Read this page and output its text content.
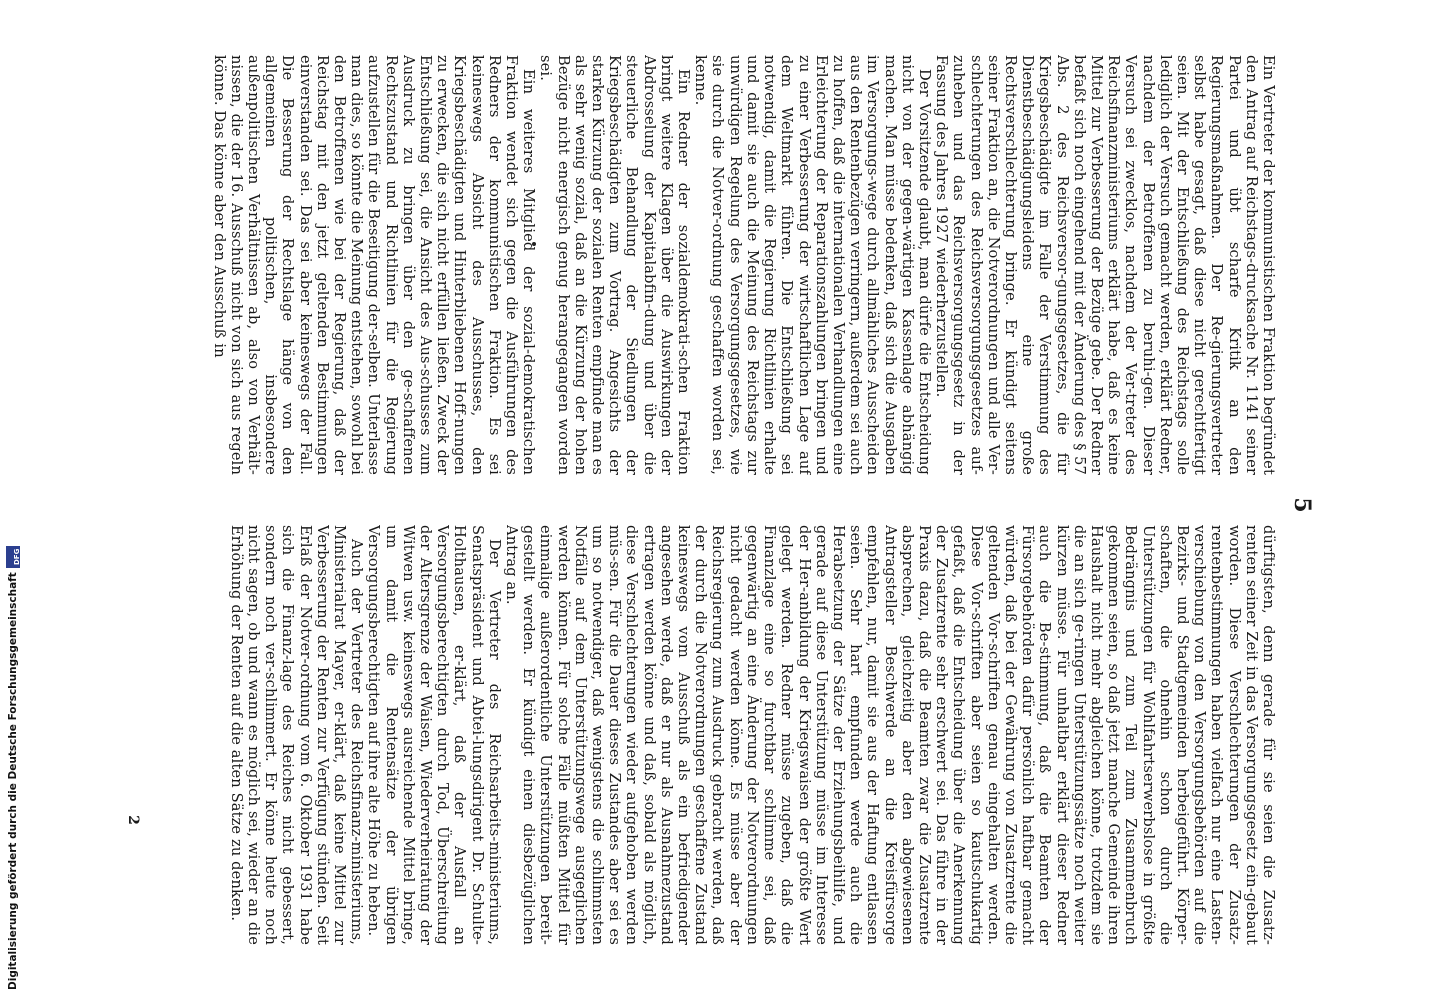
5

Ein Vertreter der kommunistischen Fraktion begründet den Antrag auf Reichstags-drucksache Nr. 1141 seiner Partei und übt scharfe Kritik an den Regierungsmaßnahmen. Der Re-gierungsvertreter selbst habe gesagt, daß diese nicht gerechtfertigt seien. Mit der Entschließung des Reichstags solle lediglich der Versuch gemacht werden, erklärt Redner, nachdem der Betroffenen zu beruhi-gen. Dieser Versuch sei zwecklos, nachdem der Ver-treter des Reichsfinanzministeriums erklärt habe, daß es keine Mittel zur Verbesserung der Bezüge gebe. Der Redner befaßt sich noch eingehend mit der Änderung des § 57 Abs. 2 des Reichsversor-gungsgesetzes, die für Kriegsbeschädigte im Falle der Verstimmung des Dienstbeschädigungsleidens eine große Rechtsverschlechterung bringe. Er kündigt seitens seiner Fraktion an, die Notverordnungen und alle Ver-schlechterungen des Reichsversorgungsgesetzes auf-zuheben und das Reichsversorgungsgesetz in der Fassung des Jahres 1927 wiederherzustellen.

Der Vorsitzende glaubt, man dürfe die Entscheidung nicht von der gegen-wärtigen Kassenlage abhängig machen. Man müsse bedenken, daß sich die Ausgaben im Versorgungs-wege durch allmähliches Ausscheiden aus den Rentenbezügen verringern, außerdem sei auch zu hoffen, daß die internationalen Verhandlungen eine Erleichterung der Reparationszahlungen bringen und zu einer Verbesserung der wirtschaftlichen Lage auf dem Weltmarkt führen. Die Entschließung sei notwendig, damit die Regierung Richtlinien erhalte und damit sie auch die Meinung des Reichstags zur unwürdigen Regelung des Versorgungsgesetzes, wie sie durch die Notver-ordnung geschaffen worden sei, kenne.

Ein Redner der sozialdemokrati-schen Fraktion bringt weitere Klagen über die Auswirkungen der Abdrosselung der Kapitalabfin-dung und über die steuerliche Behandlung der Siedlungen der Kriegsbeschädigten zum Vortrag. Angesichts der starken Kürzung der sozialen Renten empfinde man es als sehr wenig sozial, daß an die Kürzung der hohen Bezüge nicht energisch genug herangegangen worden sei.

Ein weiteres Mitglied der sozial-demokratischen Fraktion wendet sich gegen die Ausführungen des Redners der kommunistischen Fraktion. Es sei keineswegs Absicht des Ausschusses, den Kriegsbeschädigten und Hinterbliebenen Hoff-nungen zu erwecken, die sich nicht erfüllen ließen. Zweck der Entschließung sei, die Ansicht des Aus-schusses zum Ausdruck zu bringen über den ge-schaffenen Rechtszustand und Richtlinien für die Regierung aufzustellen für die Beseitigung der-selben. Unterlasse man dies, so könnte die Meinung entstehen, sowohl bei den Betroffenen wie bei der Regierung, daß der Reichstag mit den jetzt geltenden Bestimmungen einverstanden sei. Das sei aber keineswegs der Fall. Die Besserung der Rechtslage hänge von den allgemeinen politischen, insbesondere außenpolitischen Verhältnissen ab, also von Verhält-nissen, die der 16. Ausschuß nicht von sich aus regeln könne. Das könne aber den Ausschuß in

dürftigsten, denn gerade für sie seien die Zusatz-renten seiner Zeit in das Versorgungsgesetz ein-gebaut worden. Diese Verschlechterungen der Zusatz-rentenbestimmungen haben vielfach nur eine Lasten-verschiebung von den Versorgungsbehörden auf die Bezirks- und Stadtgemeinden herbeigeführt. Körper-schaften, die ohnehin schon durch die Unterstützungen für Wohlfahrtserwerbslose in größte Bedrängnis und zum Teil zum Zusammenbruch gekommen seien, so daß jetzt manche Gemeinde ihren Haushalt nicht mehr abgleichen könne, trotzdem sie die an sich ge-ringen Unterstützungssätze noch weiter kürzen müsse. Für unhaltbar erklärt dieser Redner auch die Be-stimmung, daß die Beamten der Fürsorgebehörden dafür persönlich haftbar gemacht würden, daß bei der Gewährung von Zusatzrente die geltenden Vor-schriften genau eingehalten werden. Diese Vor-schriften aber seien so kautschukartig gefaßt, daß die Entscheidung über die Anerkennung der Zusatzrente sehr erschwert sei. Das führe in der Praxis dazu, daß die Beamten zwar die Zusatzrente absprechen, gleichzeitig aber den abgewiesenen Antragsteller Beschwerde an die Kreisfürsorge empfehlen, nur, damit sie aus der Haftung entlassen seien. Sehr hart empfunden werde auch die Herabsetzung der Sätze der Erziehungsbeihilfe, und gerade auf diese Unterstützung müsse im Interesse der Her-anbildung der Kriegswaisen der größte Wert gelegt werden. Redner müsse zugeben, daß die Finanzlage eine so furchtbar schlimme sei, daß gegenwärtig an eine Änderung der Notverordnungen nicht gedacht werden könne. Es müsse aber der Reichsregierung zum Ausdruck gebracht werden, daß der durch die Notverordnungen geschaffene Zustand keineswegs vom Ausschuß als ein befriedigender angesehen werde, daß er nur als Ausnahmezustand ertragen werden könne und daß, sobald als möglich, diese Verschlechterungen wieder aufgehoben werden müs-sen. Für die Dauer dieses Zustandes aber sei es um so notwendiger, daß wenigstens die schlimmsten Notfälle auf dem Unterstützungswege ausgeglichen werden können. Für solche Fälle müßten Mittel für einmalige außerordentliche Unterstützungen bereit-gestellt werden. Er kündigt einen diesbezüglichen Antrag an.

Der Vertreter des Reichsarbeits-ministeriums, Senatspräsident und Abtei-lungsdirigent Dr. Schulte-Holthausen, er-klärt, daß der Ausfall an Versorgungsberechtigten durch Tod, Überschreitung der Altersgrenze der Waisen, Wiederverheiratung der Witwen usw. keineswegs ausreichende Mittel bringe, um damit die Rentensätze der übrigen Versorgungsberechtigten auf ihre alte Höhe zu heben.

Auch der Vertreter des Reichsfinanz-ministeriums, Ministerialrat Mayer, er-klärt, daß keine Mittel zur Verbesserung der Renten zur Verfügung stünden. Seit Erlaß der Notver-ordnung vom 6. Oktober 1931 habe sich die Finanz-lage des Reiches nicht gebessert, sondern noch ver-schlimmert. Er könne heute noch nicht sagen, ob und wann es möglich sei, wieder an die Erhöhung der Renten auf die alten Sätze zu denken.

2
Digitalisierung gefördert durch die Deutsche Forschungsgemeinschaft
DFG
